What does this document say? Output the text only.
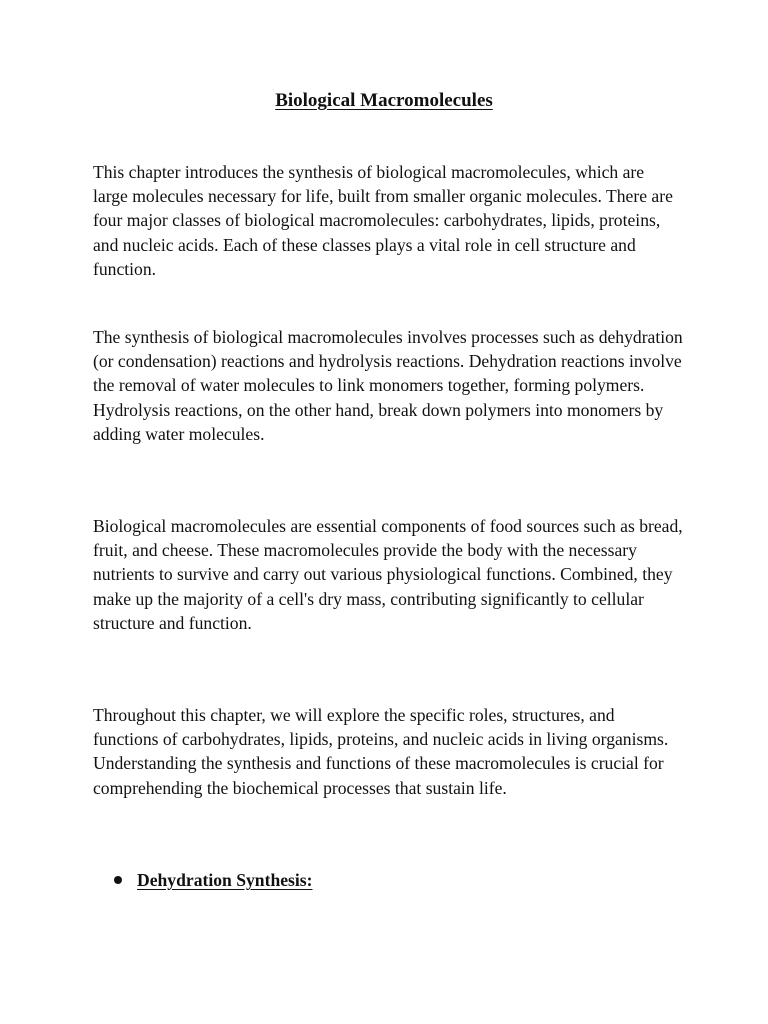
Biological Macromolecules

This chapter introduces the synthesis of biological macromolecules, which are large molecules necessary for life, built from smaller organic molecules. There are four major classes of biological macromolecules: carbohydrates, lipids, proteins, and nucleic acids. Each of these classes plays a vital role in cell structure and function.

The synthesis of biological macromolecules involves processes such as dehydration (or condensation) reactions and hydrolysis reactions. Dehydration reactions involve the removal of water molecules to link monomers together, forming polymers. Hydrolysis reactions, on the other hand, break down polymers into monomers by adding water molecules.

Biological macromolecules are essential components of food sources such as bread, fruit, and cheese. These macromolecules provide the body with the necessary nutrients to survive and carry out various physiological functions. Combined, they make up the majority of a cell's dry mass, contributing significantly to cellular structure and function.

Throughout this chapter, we will explore the specific roles, structures, and functions of carbohydrates, lipids, proteins, and nucleic acids in living organisms. Understanding the synthesis and functions of these macromolecules is crucial for comprehending the biochemical processes that sustain life.

Dehydration Synthesis:
